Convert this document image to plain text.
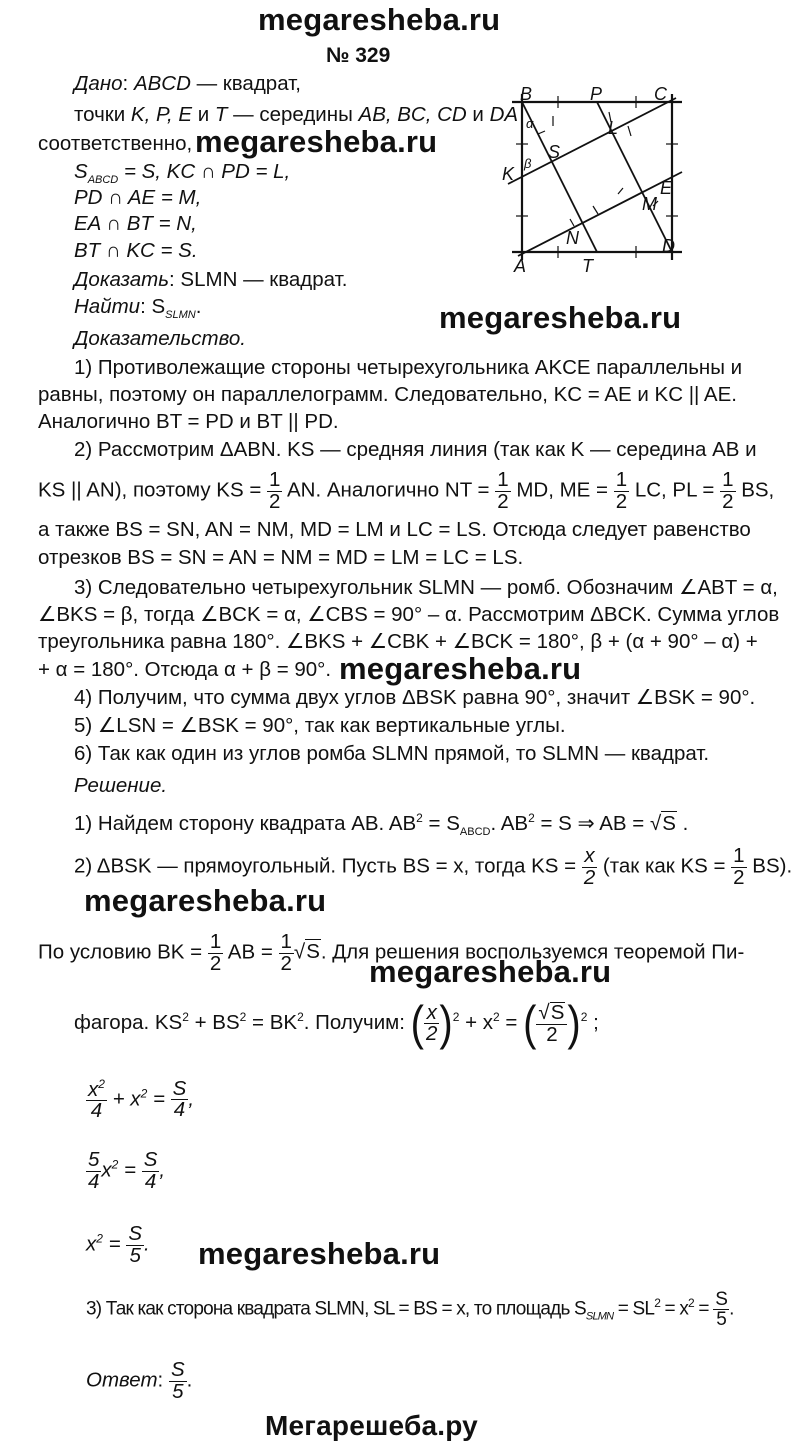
megaresheba.ru
№ 329
Дано: ABCD — квадрат,
точки K, P, E и T — середины AB, BC, CD и DA
соответственно, megaresheba.ru
$S_{ABCD} = S$, KC ∩ PD = L,
PD ∩ AE = M,
EA ∩ BT = N,
BT ∩ KC = S.
Доказать: SLMN — квадрат.
Найти: $S_{SLMN}$.
B	P	C
K
S
L
E
M
N
A	T
D
α
β
megaresheba.ru
Доказательство.
1) Противолежащие стороны четырехугольника AKCE параллельны и
равны, поэтому он параллелограмм. Следовательно, KC = AE и KC || AE.
Аналогично BT = PD и BT || PD.
2) Рассмотрим ΔABN. KS — средняя линия (так как K — середина AB и
KS || AN), поэтому KS = $\frac{1}{2}$ AN. Аналогично NT = $\frac{1}{2}$ MD, ME = $\frac{1}{2}$ LC, PL = $\frac{1}{2}$ BS,
а также BS = SN, AN = NM, MD = LM и LC = LS. Отсюда следует равенство
отрезков BS = SN = AN = NM = MD = LM = LC = LS.
3) Следовательно четырехугольник SLMN — ромб. Обозначим ∠ABT = α,
∠BKS = β, тогда ∠BCK = α, ∠CBS = 90° – α. Рассмотрим ΔBCK. Сумма углов
треугольника равна 180°. ∠BKS + ∠CBK + ∠BCK = 180°, β + (α + 90° – α) +
+ α = 180°. Отсюда α + β = 90°. megaresheba.ru
4) Получим, что сумма двух углов ΔBSK равна 90°, значит ∠BSK = 90°.
5) ∠LSN = ∠BSK = 90°, так как вертикальные углы.
6) Так как один из углов ромба SLMN прямой, то SLMN — квадрат.
Решение.
1) Найдем сторону квадрата AB. $AB^2 = S_{ABCD}$. $AB^2 = S$ ⇒ AB = √S .
2) ΔBSK — прямоугольный. Пусть BS = x, тогда KS = $\frac{x}{2} (так$ как KS = $\frac{1}{2} BS$).
megaresheba.ru
По условию BK = $\frac{1}{2}$ AB = $\frac{1}{2} √S$. Для решения воспользуемся теоремой Пи-
megaresheba.ru
фагора. $KS^2 + BS^2 = BK^2$. Получим: ( $\frac{x}{2} )^2 + x^2$ = ( $\frac{√S}{2} )^2$ ;
$\frac{x^2}{4} + x^2 = \frac{S}{4}$ ,
$\frac{5}{4} x^2 = \frac{S}{4}$ ,
$x^2 = \frac{S}{5}$ . megaresheba.ru
3) Так как сторона квадрата SLMN, SL = BS = x, то площадь $S_{SLMN} = SL^2 = x^2 = \frac{S}{5}$ .
Ответ: $\frac{S}{5}$ .
Мегарешеба.ру
